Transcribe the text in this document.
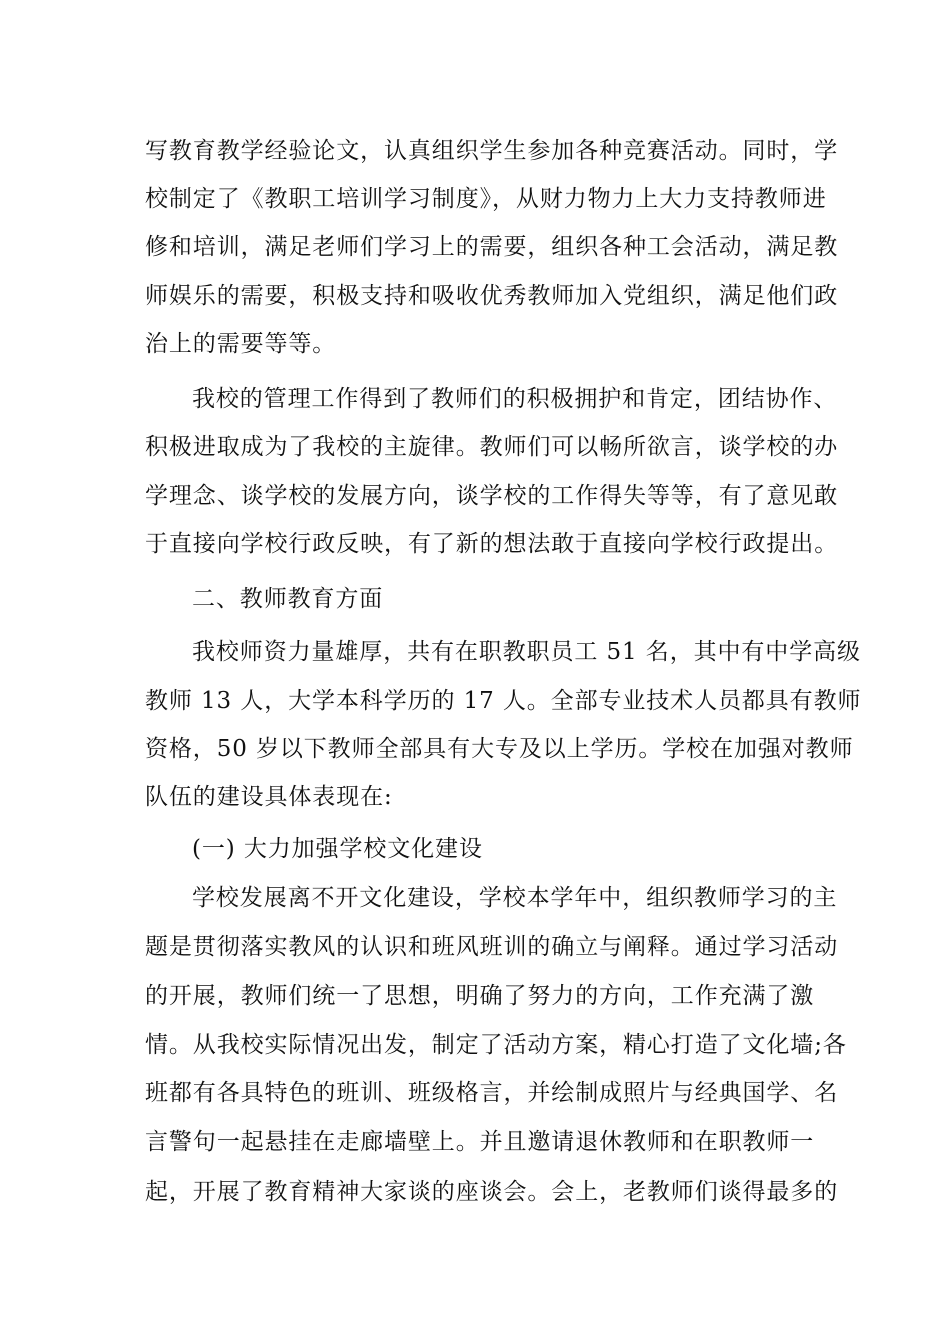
写教育教学经验论文，认真组织学生参加各种竞赛活动。同时，学
校制定了《教职工培训学习制度》，从财力物力上大力支持教师进
修和培训，满足老师们学习上的需要，组织各种工会活动，满足教
师娱乐的需要，积极支持和吸收优秀教师加入党组织，满足他们政
治上的需要等等。
我校的管理工作得到了教师们的积极拥护和肯定，团结协作、
积极进取成为了我校的主旋律。教师们可以畅所欲言，谈学校的办
学理念、谈学校的发展方向，谈学校的工作得失等等，有了意见敢
于直接向学校行政反映，有了新的想法敢于直接向学校行政提出。
二、教师教育方面
我校师资力量雄厚，共有在职教职员工 51 名，其中有中学高级
教师 13 人，大学本科学历的 17 人。全部专业技术人员都具有教师
资格，50 岁以下教师全部具有大专及以上学历。学校在加强对教师
队伍的建设具体表现在:
(一) 大力加强学校文化建设
学校发展离不开文化建设，学校本学年中，组织教师学习的主
题是贯彻落实教风的认识和班风班训的确立与阐释。通过学习活动
的开展，教师们统一了思想，明确了努力的方向，工作充满了激
情。从我校实际情况出发，制定了活动方案，精心打造了文化墙;各
班都有各具特色的班训、班级格言，并绘制成照片与经典国学、名
言警句一起悬挂在走廊墙壁上。并且邀请退休教师和在职教师一
起，开展了教育精神大家谈的座谈会。会上，老教师们谈得最多的
